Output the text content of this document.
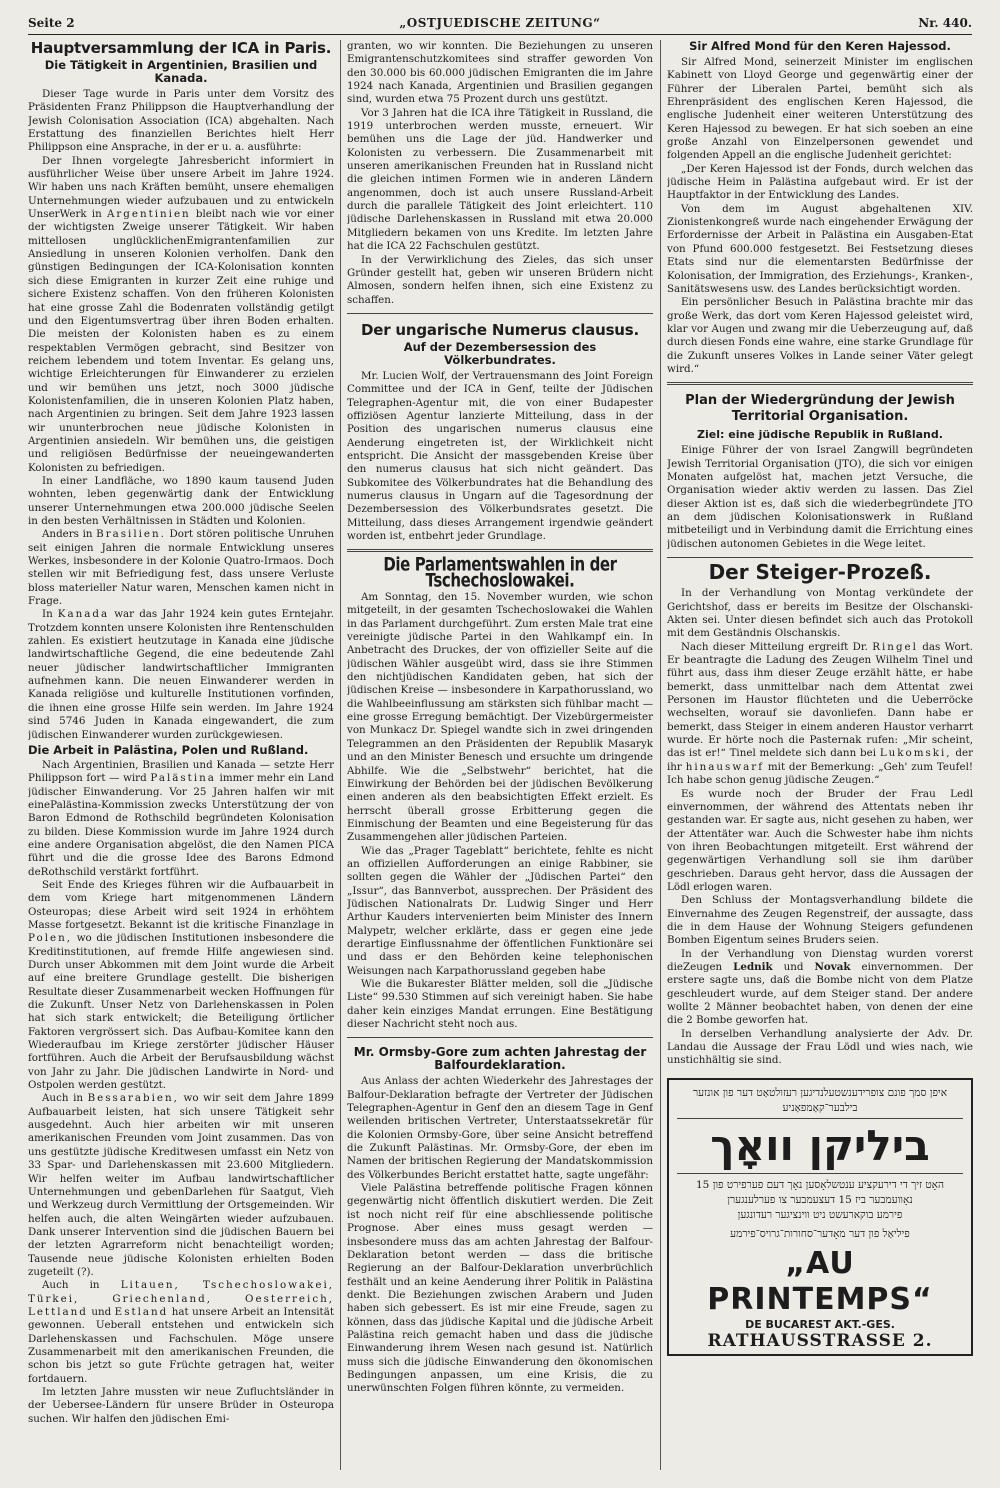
Seite 2	„OSTJUEDISCHE ZEITUNG“	Nr. 440.
Hauptversammlung der ICA in Paris.
Die Tätigkeit in Argentinien, Brasilien und Kanada.

Dieser Tage wurde in Paris unter dem Vorsitz des Präsidenten Franz Philippson die Hauptverhandlung der Jewish Colonisation Association (ICA) abgehalten. Nach Erstattung des finanziellen Berichtes hielt Herr Philippson eine Ansprache, in der er u. a. ausführte:

Der Ihnen vorgelegte Jahresbericht informiert in ausführlicher Weise über unsere Arbeit im Jahre 1924. Wir haben uns nach Kräften bemüht, unsere ehemaligen Unternehmungen wieder aufzubauen und zu entwickeln UnserWerk in Argentinien bleibt nach wie vor einer der wichtigsten Zweige unserer Tätigkeit. Wir haben mittellosen unglücklichenEmigrantenfamilien zur Ansiedlung in unseren Kolonien verholfen. Dank den günstigen Bedingungen der ICA-Kolonisation konnten sich diese Emigranten in kurzer Zeit eine ruhige und sichere Existenz schaffen. Von den früheren Kolonisten hat eine grosse Zahl die Bodenraten vollständig getilgt und den Eigentumsvertrag über ihren Boden erhalten. Die meisten der Kolonisten haben es zu einem respektablen Vermögen gebracht, sind Besitzer von reichem lebendem und totem Inventar. Es gelang uns, wichtige Erleichterungen für Einwanderer zu erzielen und wir bemühen uns jetzt, noch 3000 jüdische Kolonistenfamilien, die in unseren Kolonien Platz haben, nach Argentinien zu bringen. Seit dem Jahre 1923 lassen wir ununterbrochen neue jüdische Kolonisten in Argentinien ansiedeln. Wir bemühen uns, die geistigen und religiösen Bedürfnisse der neueingewanderten Kolonisten zu befriedigen.

In einer Landfläche, wo 1890 kaum tausend Juden wohnten, leben gegenwärtig dank der Entwicklung unserer Unternehmungen etwa 200.000 jüdische Seelen in den besten Verhältnissen in Städten und Kolonien.

Anders in Brasilien. Dort stören politische Unruhen seit einigen Jahren die normale Entwicklung unseres Werkes, insbesondere in der Kolonie Quatro-Irmaos. Doch stellen wir mit Befriedigung fest, dass unsere Verluste bloss materieller Natur waren, Menschen kamen nicht in Frage.

In Kanada war das Jahr 1924 kein gutes Erntejahr. Trotzdem konnten unsere Kolonisten ihre Rentenschulden zahlen. Es existiert heutzutage in Kanada eine jüdische landwirtschaftliche Gegend, die eine bedeutende Zahl neuer jüdischer landwirtschaftlicher Immigranten aufnehmen kann. Die neuen Einwanderer werden in Kanada religiöse und kulturelle Institutionen vorfinden, die ihnen eine grosse Hilfe sein werden. Im Jahre 1924 sind 5746 Juden in Kanada eingewandert, die zum jüdischen Einwanderer wurden zurückgewiesen.

Die Arbeit in Palästina, Polen und Rußland.

Nach Argentinien, Brasilien und Kanada — setzte Herr Philippson fort — wird Palästina immer mehr ein Land jüdischer Einwanderung. Vor 25 Jahren halfen wir mit einePalästina-Kommission zwecks Unterstützung der von Baron Edmond de Rothschild begründeten Kolonisation zu bilden. Diese Kommission wurde im Jahre 1924 durch eine andere Organisation abgelöst, die den Namen PICA führt und die die grosse Idee des Barons Edmond deRothschild verstärkt fortführt.

Seit Ende des Krieges führen wir die Aufbauarbeit in dem vom Kriege hart mitgenommenen Ländern Osteuropas; diese Arbeit wird seit 1924 in erhöhtem Masse fortgesetzt. Bekannt ist die kritische Finanzlage in Polen, wo die jüdischen Institutionen insbesondere die Kreditinstitutionen, auf fremde Hilfe angewiesen sind. Durch unser Abkommen mit dem Joint wurde die Arbeit auf eine breitere Grundlage gestellt. Die bisherigen Resultate dieser Zusammenarbeit wecken Hoffnungen für die Zukunft. Unser Netz von Darlehenskassen in Polen hat sich stark entwickelt; die Beteiligung örtlicher Faktoren vergrössert sich. Das Aufbau-Komitee kann den Wiederaufbau im Kriege zerstörter jüdischer Häuser fortführen. Auch die Arbeit der Berufsausbildung wächst von Jahr zu Jahr. Die jüdischen Landwirte in Nord- und Ostpolen werden gestützt.

Auch in Bessarabien, wo wir seit dem Jahre 1899 Aufbauarbeit leisten, hat sich unsere Tätigkeit sehr ausgedehnt. Auch hier arbeiten wir mit unseren amerikanischen Freunden vom Joint zusammen. Das von uns gestützte jüdische Kreditwesen umfasst ein Netz von 33 Spar- und Darlehenskassen mit 23.600 Mitgliedern. Wir helfen weiter im Aufbau landwirtschaftlicher Unternehmungen und gebenDarlehen für Saatgut, Vieh und Werkzeug durch Vermittlung der Ortsgemeinden. Wir helfen auch, die alten Weingärten wieder aufzubauen. Dank unserer Intervention sind die jüdischen Bauern bei der letzten Agrarreform nicht benachteiligt worden; Tausende neue jüdische Kolonisten erhielten Boden zugeteilt (?).

Auch in Litauen, Tschechoslowakei, Türkei, Griechenland, Oesterreich, Lettland und Estland hat unsere Arbeit an Intensität gewonnen. Ueberall entstehen und entwickeln sich Darlehenskassen und Fachschulen. Möge unsere Zusammenarbeit mit den amerikanischen Freunden, die schon bis jetzt so gute Früchte getragen hat, weiter fortdauern.

Im letzten Jahre mussten wir neue Zufluchtsländer in der Uebersee-Ländern für unsere Brüder in Osteuropa suchen. Wir halfen den jüdischen Emi-

granten, wo wir konnten. Die Beziehungen zu unseren Emigrantenschutzkomitees sind straffer geworden Von den 30.000 bis 60.000 jüdischen Emigranten die im Jahre 1924 nach Kanada, Argentinien und Brasilien gegangen sind, wurden etwa 75 Prozent durch uns gestützt.

Vor 3 Jahren hat die ICA ihre Tätigkeit in Russland, die 1919 unterbrochen werden musste, erneuert. Wir bemühen uns die Lage der jüd. Handwerker und Kolonisten zu verbessern. Die Zusammenarbeit mit unseren amerikanischen Freunden hat in Russland nicht die gleichen intimen Formen wie in anderen Ländern angenommen, doch ist auch unsere Russland-Arbeit durch die parallele Tätigkeit des Joint erleichtert. 110 jüdische Darlehenskassen in Russland mit etwa 20.000 Mitgliedern bekamen von uns Kredite. Im letzten Jahre hat die ICA 22 Fachschulen gestützt.

In der Verwirklichung des Zieles, das sich unser Gründer gestellt hat, geben wir unseren Brüdern nicht Almosen, sondern helfen ihnen, sich eine Existenz zu schaffen.

Der ungarische Numerus clausus.
Auf der Dezembersession des Völkerbundrates.

Mr. Lucien Wolf, der Vertrauensmann des Joint Foreign Committee und der ICA in Genf, teilte der Jüdischen Telegraphen-Agentur mit, die von einer Budapester offiziösen Agentur lanzierte Mitteilung, dass in der Position des ungarischen numerus clausus eine Aenderung eingetreten ist, der Wirklichkeit nicht entspricht. Die Ansicht der massgebenden Kreise über den numerus clausus hat sich nicht geändert. Das Subkomitee des Völkerbundrates hat die Behandlung des numerus clausus in Ungarn auf die Tagesordnung der Dezembersession des Völkerbundsrates gesetzt. Die Mitteilung, dass dieses Arrangement irgendwie geändert worden ist, entbehrt jeder Grundlage.

Die Parlamentswahlen in der Tschechoslowakei.

Am Sonntag, den 15. November wurden, wie schon mitgeteilt, in der gesamten Tschechoslowakei die Wahlen in das Parlament durchgeführt. Zum ersten Male trat eine vereinigte jüdische Partei in den Wahlkampf ein. In Anbetracht des Druckes, der von offizieller Seite auf die jüdischen Wähler ausgeübt wird, dass sie ihre Stimmen den nichtjüdischen Kandidaten geben, hat sich der jüdischen Kreise — insbesondere in Karpathorussland, wo die Wahlbeeinflussung am stärksten sich fühlbar macht — eine grosse Erregung bemächtigt. Der Vizebürgermeister von Munkacz Dr. Spiegel wandte sich in zwei dringenden Telegrammen an den Präsidenten der Republik Masaryk und an den Minister Benesch und ersuchte um dringende Abhilfe. Wie die „Selbstwehr“ berichtet, hat die Einwirkung der Behörden bei der jüdischen Bevölkerung einen anderen als den beabsichtigten Effekt erzielt. Es herrscht überall grosse Erbitterung gegen die Einmischung der Beamten und eine Begeisterung für das Zusammengehen aller jüdischen Parteien.

Wie das „Prager Tageblatt“ berichtete, fehlte es nicht an offiziellen Aufforderungen an einige Rabbiner, sie sollten gegen die Wähler der „Jüdischen Partei“ den „Issur“, das Bannverbot, aussprechen. Der Präsident des Jüdischen Nationalrats Dr. Ludwig Singer und Herr Arthur Kauders intervenierten beim Minister des Innern Malypetr, welcher erklärte, dass er gegen eine jede derartige Einflussnahme der öffentlichen Funktionäre sei und dass er den Behörden keine telephonischen Weisungen nach Karpathorussland gegeben habe

Wie die Bukarester Blätter melden, soll die „Jüdische Liste“ 99.530 Stimmen auf sich vereinigt haben. Sie habe daher kein einziges Mandat errungen. Eine Bestätigung dieser Nachricht steht noch aus.

Mr. Ormsby-Gore zum achten Jahrestag der Balfourdeklaration.

Aus Anlass der achten Wiederkehr des Jahrestages der Balfour-Deklaration befragte der Vertreter der Jüdischen Telegraphen-Agentur in Genf den an diesem Tage in Genf weilenden britischen Vertreter, Unterstaatssekretär für die Kolonien Ormsby-Gore, über seine Ansicht betreffend die Zukunft Palästinas. Mr. Ormsby-Gore, der eben im Namen der britischen Regierung der Mandatskommission des Völkerbundes Bericht erstattet hatte, sagte ungefähr:

Viele Palästina betreffende politische Fragen können gegenwärtig nicht öffentlich diskutiert werden. Die Zeit ist noch nicht reif für eine abschliessende politische Prognose. Aber eines muss gesagt werden — insbesondere muss das am achten Jahrestag der Balfour-Deklaration betont werden — dass die britische Regierung an der Balfour-Deklaration unverbrüchlich festhält und an keine Aenderung ihrer Politik in Palästina denkt. Die Beziehungen zwischen Arabern und Juden haben sich gebessert. Es ist mir eine Freude, sagen zu können, dass das jüdische Kapital und die jüdische Arbeit Palästina reich gemacht haben und dass die jüdische Einwanderung ihrem Wesen nach gesund ist. Natürlich muss sich die jüdische Einwanderung den ökonomischen Bedingungen anpassen, um eine Krisis, die zu unerwünschten Folgen führen könnte, zu vermeiden.

Sir Alfred Mond für den Keren Hajessod.

Sir Alfred Mond, seinerzeit Minister im englischen Kabinett von Lloyd George und gegenwärtig einer der Führer der Liberalen Partei, bemüht sich als Ehrenpräsident des englischen Keren Hajessod, die englische Judenheit einer weiteren Unterstützung des Keren Hajessod zu bewegen. Er hat sich soeben an eine große Anzahl von Einzelpersonen gewendet und folgenden Appell an die englische Judenheit gerichtet:

„Der Keren Hajessod ist der Fonds, durch welchen das jüdische Heim in Palästina aufgebaut wird. Er ist der Hauptfaktor in der Entwicklung des Landes.

Von dem im August abgehaltenen XIV. Zionistenkongreß wurde nach eingehender Erwägung der Erfordernisse der Arbeit in Palästina ein Ausgaben-Etat von Pfund 600.000 festgesetzt. Bei Festsetzung dieses Etats sind nur die elementarsten Bedürfnisse der Kolonisation, der Immigration, des Erziehungs-, Kranken-, Sanitätswesens usw. des Landes berücksichtigt worden.

Ein persönlicher Besuch in Palästina brachte mir das große Werk, das dort vom Keren Hajessod geleistet wird, klar vor Augen und zwang mir die Ueberzeugung auf, daß durch diesen Fonds eine wahre, eine starke Grundlage für die Zukunft unseres Volkes in Lande seiner Väter gelegt wird.“

Plan der Wiedergründung der Jewish Territorial Organisation.
Ziel: eine jüdische Republik in Rußland.

Einige Führer der von Israel Zangwill begründeten Jewish Territorial Organisation (JTO), die sich vor einigen Monaten aufgelöst hat, machen jetzt Versuche, die Organisation wieder aktiv werden zu lassen. Das Ziel dieser Aktion ist es, daß sich die wiederbegründete JTO an dem jüdischen Kolonisationswerk in Rußland mitbeteiligt und in Verbindung damit die Errichtung eines jüdischen autonomen Gebietes in die Wege leitet.

Der Steiger-Prozeß.

In der Verhandlung von Montag verkündete der Gerichtshof, dass er bereits im Besitze der Olschanski-Akten sei. Unter diesen befindet sich auch das Protokoll mit dem Geständnis Olschanskis.

Nach dieser Mitteilung ergreift Dr. Ringel das Wort. Er beantragte die Ladung des Zeugen Wilhelm Tinel und führt aus, dass ihm dieser Zeuge erzählt hätte, er habe bemerkt, dass unmittelbar nach dem Attentat zwei Personen im Haustor flüchteten und die Ueberröcke wechselten, worauf sie davonliefen. Dann habe er bemerkt, dass Steiger in einem anderen Haustor verharrt wurde. Er hörte noch die Pasternak rufen: „Mir scheint, das ist er!“ Tinel meldete sich dann bei Lukomski, der ihr hinauswarf mit der Bemerkung: „Geh' zum Teufel! Ich habe schon genug jüdische Zeugen.“

Es wurde noch der Bruder der Frau Ledl einvernommen, der während des Attentats neben ihr gestanden war. Er sagte aus, nicht gesehen zu haben, wer der Attentäter war. Auch die Schwester habe ihm nichts von ihren Beobachtungen mitgeteilt. Erst während der gegenwärtigen Verhandlung soll sie ihm darüber geschrieben. Daraus geht hervor, dass die Aussagen der Lödl erlogen waren.

Den Schluss der Montagsverhandlung bildete die Einvernahme des Zeugen Regenstreif, der aussagte, dass die in dem Hause der Wohnung Steigers gefundenen Bomben Eigentum seines Bruders seien.

In der Verhandlung von Dienstag wurden vorerst dieZeugen Lednik und Novak einvernommen. Der erstere sagte uns, daß die Bombe nicht von dem Platze geschleudert wurde, auf dem Steiger stand. Der andere wollte 2 Männer beobachtet haben, von denen der eine die 2 Bombe geworfen hat.

In derselben Verhandlung analysierte der Adv. Dr. Landau die Aussage der Frau Lödl und wies nach, wie unstichhältig sie sind.

איפן סמך פונם צופרידענשטעלנדיגען רעזולטאַט דער פון אונזער בילבער־קאַמפאַניע

ביליקן וואָך

האָט זיך די דירעקציע ענטשלאָסען נאָך דעם פערפירט פון 15 נאָוועמבער ביז 15 דעצעמבער צו פערלענגערן

פירמע בוקארעשט ניט ווינציגער רעדונגען

פיליאַל פון דער מאָדער־סחורות־גרויס־פירמע

„AU PRINTEMPS“

DE BUCAREST AKT.-GES.

RATHAUSSTRASSE 2.
